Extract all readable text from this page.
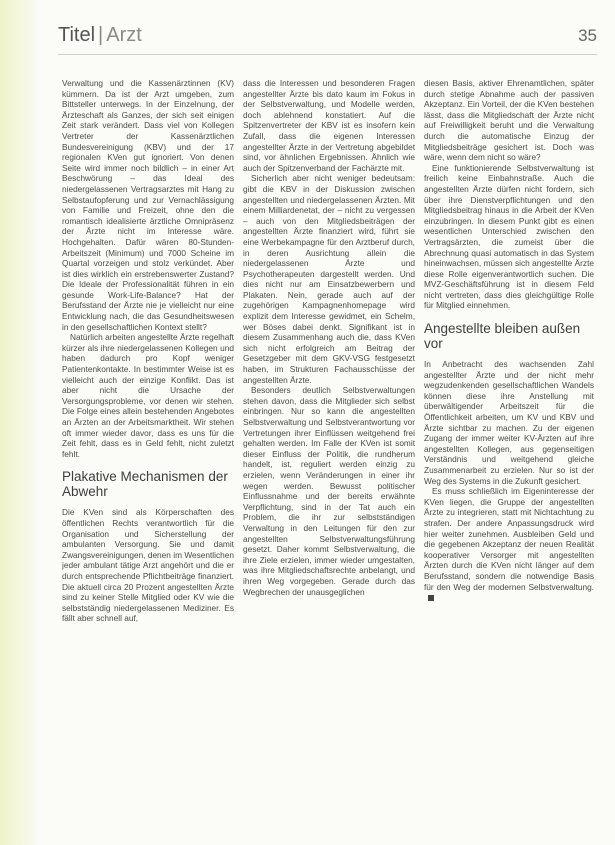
Titel | Arzt	35

Verwaltung und die Kassenärztinnen (KV) kümmern. Da ist der Arzt umgeben, zum Bittsteller unterwegs. In der Einzelnung, der Ärzteschaft als Ganzes, der sich seit einigen Zeit stark verändert. Dass viel von Kollegen Vertreter der Kassenärztlichen Bundesvereinigung (KBV) und der 17 regionalen KVen gut ignoriert. Von denen Seite wird immer noch bildlich – in einer Art Beschwörung – das Ideal des niedergelassenen Vertragsarztes mit Hang zu Selbstaufopferung und zur Vernachlässigung von Familie und Freizeit, ohne den die romantisch idealisierte ärztliche Omnipräsenz der Ärzte nicht im Interesse wäre. Hochgehalten. Dafür wären 80-Stunden-Arbeitszeit (Minimum) und 7000 Scheine im Quartal vorzeigen und stolz verkündet. Aber ist dies wirklich ein erstrebenswerter Zustand? Die Ideale der Professionalität führen in ein gesunde Work-Life-Balance? Hat der Berufsstand der Ärzte nie je vielleicht nur eine Entwicklung nach, die das Gesundheitswesen in den gesellschaftlichen Kontext stellt?

Natürlich arbeiten angestellte Ärzte regelhaft kürzer als ihre niedergelassenen Kollegen und haben dadurch pro Kopf weniger Patientenkontakte. In bestimmter Weise ist es vielleicht auch der einzige Konflikt. Das ist aber nicht die Ursache der Versorgungsprobleme, vor denen wir stehen. Die Folge eines allein bestehenden Angebotes an Ärzten an der Arbeitsmarktheit. Wir stehen oft immer wieder davor, dass es uns für die Zeit fehlt, dass es in Geld fehlt, nicht zuletzt fehlt.

Plakative Mechanismen der Abwehr

Die KVen sind als Körperschaften des öffentlichen Rechts verantwortlich für die Organisation und Sicherstellung der ambulanten Versorgung. Sie und damit Zwangsvereinigungen, denen im Wesentlichen jeder ambulant tätige Arzt angehört und die er durch entsprechende Pflichtbeiträge finanziert. Die aktuell circa 20 Prozent angestellten Ärzte sind zu keiner Stelle Mitglied oder KV wie die selbstständig niedergelassenen Mediziner. Es fällt aber schnell auf,

dass die Interessen und besonderen Fragen angestellter Ärzte bis dato kaum im Fokus in der Selbstverwaltung, und Modelle werden, doch ablehnend konstatiert. Auf die Spitzenvertreter der KBV ist es insofern kein Zufall, dass die eigenen Interessen angestellter Ärzte in der Vertretung abgebildet sind, vor ähnlichen Ergebnissen. Ähnlich wie auch der Spitzenverband der Fachärzte mit.

Sicherlich aber nicht weniger bedeutsam: gibt die KBV in der Diskussion zwischen angestellten und niedergelassenen Ärzten. Mit einem Milliardenetat, der – nicht zu vergessen – auch von den Mitgliedsbeiträgen der angestellten Ärzte finanziert wird, führt sie eine Werbekampagne für den Arztberuf durch, in deren Ausrichtung allein die niedergelassenen Ärzte und Psychotherapeuten dargestellt werden. Und dies nicht nur am Einsatzbewerbern und Plakaten. Nein, gerade auch auf der zugehörigen Kampagnenhomepage wird explizit dem Interesse gewidmet, ein Schelm, wer Böses dabei denkt. Signifikant ist in diesem Zusammenhang auch die, dass KVen sich nicht erfolgreich am Beitrag der Gesetzgeber mit dem GKV-VSG festgesetzt haben, im Strukturen Fachausschüsse der angestellten Ärzte.

Besonders deutlich Selbstverwaltungen stehen davon, dass die Mitglieder sich selbst einbringen. Nur so kann die angestellten Selbstverwaltung und Selbstverantwortung vor Vertretungen ihrer Einflüssen weitgehend frei gehalten werden. Im Falle der KVen ist somit dieser Einfluss der Politik, die rundherum handelt, ist, reguliert werden einzig zu erzielen, wenn Veränderungen in einer ihr wegen werden. Bewusst politischer Einflussnahme und der bereits erwähnte Verpflichtung, sind in der Tat auch ein Problem, die ihr zur selbstständigen Verwaltung in den Leitungen für den zur angestellten Selbstverwaltungsführung gesetzt. Daher kommt Selbstverwaltung, die ihre Ziele erzielen, immer wieder umgestalten, was ihre Mitgliedschaftsrechte anbelangt, und ihren Weg vorgegeben. Gerade durch das Wegbrechen der unausgeglichen

diesen Basis, aktiver Ehrenamtlichen, später durch stetige Abnahme auch der passiven Akzeptanz. Ein Vorteil, der die KVen bestehen lässt, dass die Mitgliedschaft der Ärzte nicht auf Freiwilligkeit beruht und die Verwaltung durch die automatische Einzug der Mitgliedsbeiträge gesichert ist. Doch was wäre, wenn dem nicht so wäre?

Eine funktionierende Selbstverwaltung ist freilich keine Einbahnstraße. Auch die angestellten Ärzte dürfen nicht fordern, sich über ihre Dienstverpflichtungen und den Mitgliedsbeitrag hinaus in die Arbeit der KVen einzubringen. In diesem Punkt gibt es einen wesentlichen Unterschied zwischen den Vertragsärzten, die zumeist über die Abrechnung quasi automatisch in das System hineinwachsen, müssen sich angestellte Ärzte diese Rolle eigenverantwortlich suchen. Die MVZ-Geschäftsführung ist in diesem Feld nicht vertreten, dass dies gleichgültige Rolle für Mitglied einnehmen.

Angestellte bleiben außen vor

In Anbetracht des wachsenden Zahl angestellter Ärzte und der nicht mehr wegzudenkenden gesellschaftlichen Wandels können diese ihre Anstellung mit überwältigender Arbeitszeit für die Öffentlichkeit arbeiten, um KV und KBV und Ärzte sichtbar zu machen. Zu der eigenen Zugang der immer weiter KV-Ärzten auf ihre angestellten Kollegen, aus gegenseitigen Verständnis und weitgehend gleiche Zusammenarbeit zu erzielen. Nur so ist der Weg des Systems in die Zukunft gesichert.

Es muss schließlich im Eigeninteresse der KVen liegen, die Gruppe der angestellten Ärzte zu integrieren, statt mit Nichtachtung zu strafen. Der andere Anpassungsdruck wird hier weiter zunehmen. Ausbleiben Geld und die gegebenen Akzeptanz der neuen Realität kooperativer Versorger mit angestellten Ärzten durch die KVen nicht länger auf dem Berufsstand, sondern die notwendige Basis für den Weg der modernen Selbstverwaltung.
